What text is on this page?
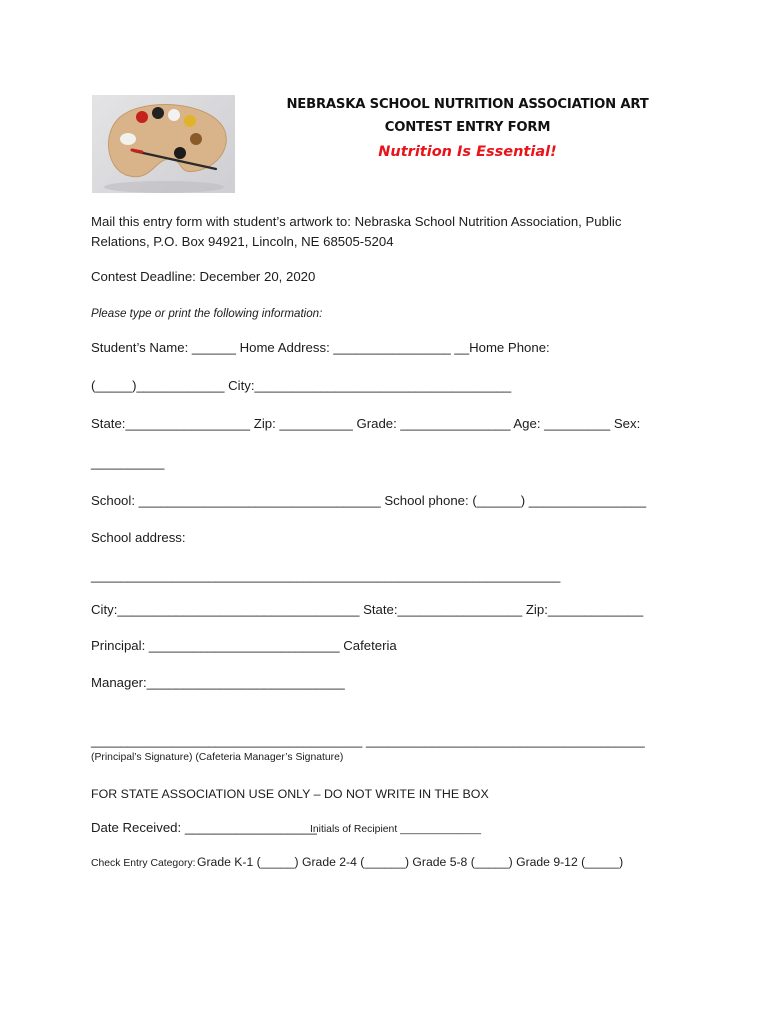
NEBRASKA SCHOOL NUTRITION ASSOCIATION ART
CONTEST ENTRY FORM
Nutrition Is Essential!
Mail this entry form with student’s artwork to: Nebraska School Nutrition Association, Public
Relations, P.O. Box 94921, Lincoln, NE 68505-5204
Contest Deadline: December 20, 2020
Please type or print the following information:
Student’s Name: ______ Home Address: ________________ __Home Phone:
(_____)____________ City:___________________________________
State:_________________ Zip: __________ Grade: _______________ Age: _________ Sex:
__________
School: _________________________________ School phone: (______) ________________
School address:
________________________________________________________________
City:_________________________________ State:_________________ Zip:_____________
Principal: __________________________ Cafeteria
Manager:___________________________
_____________________________________ ______________________________________
(Principal’s Signature) (Cafeteria Manager’s Signature)
FOR STATE ASSOCIATION USE ONLY – DO NOT WRITE IN THE BOX
Date Received: __________________
Initials of Recipient ______________
Check Entry Category: Grade K-1 (_____) Grade 2-4 (______) Grade 5-8 (_____) Grade 9-12 (_____)
